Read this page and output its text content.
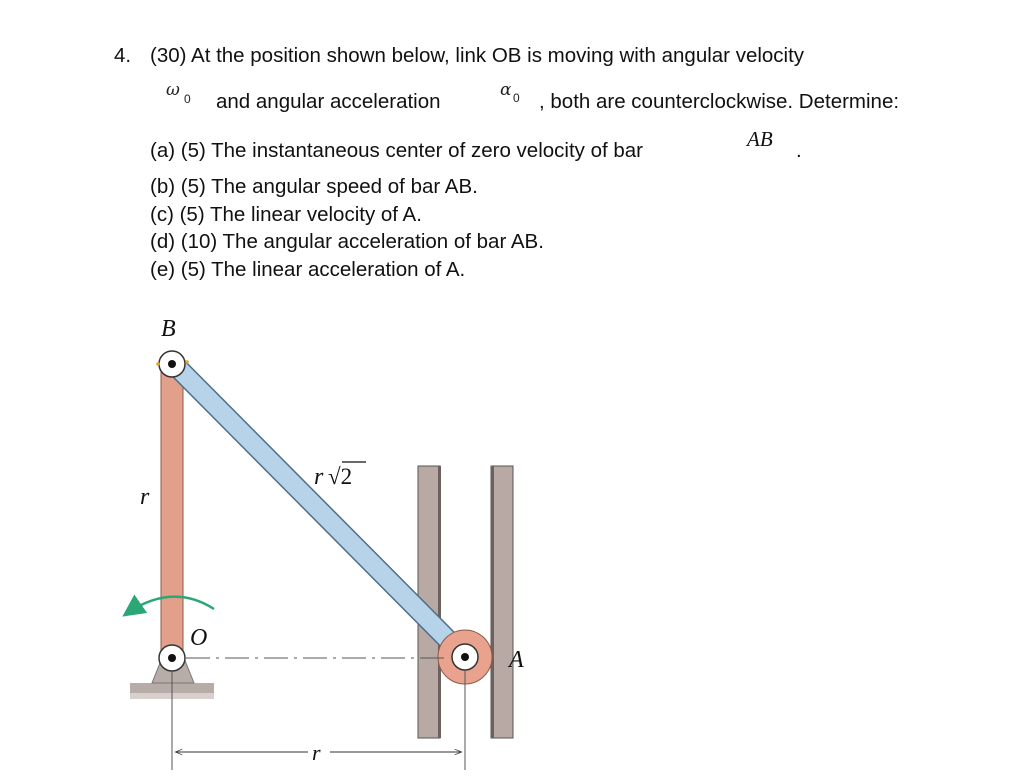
4. (30) At the position shown below, link OB is moving with angular velocity
ω 0 and angular acceleration	α 0 , both are counterclockwise. Determine:
(a) (5) The instantaneous center of zero velocity of bar	AB .
(b) (5) The angular speed of bar AB.
(c) (5) The linear velocity of A.
(d) (10) The angular acceleration of bar AB.
(e) (5) The linear acceleration of A.
B
O
A
r
r
r √2
